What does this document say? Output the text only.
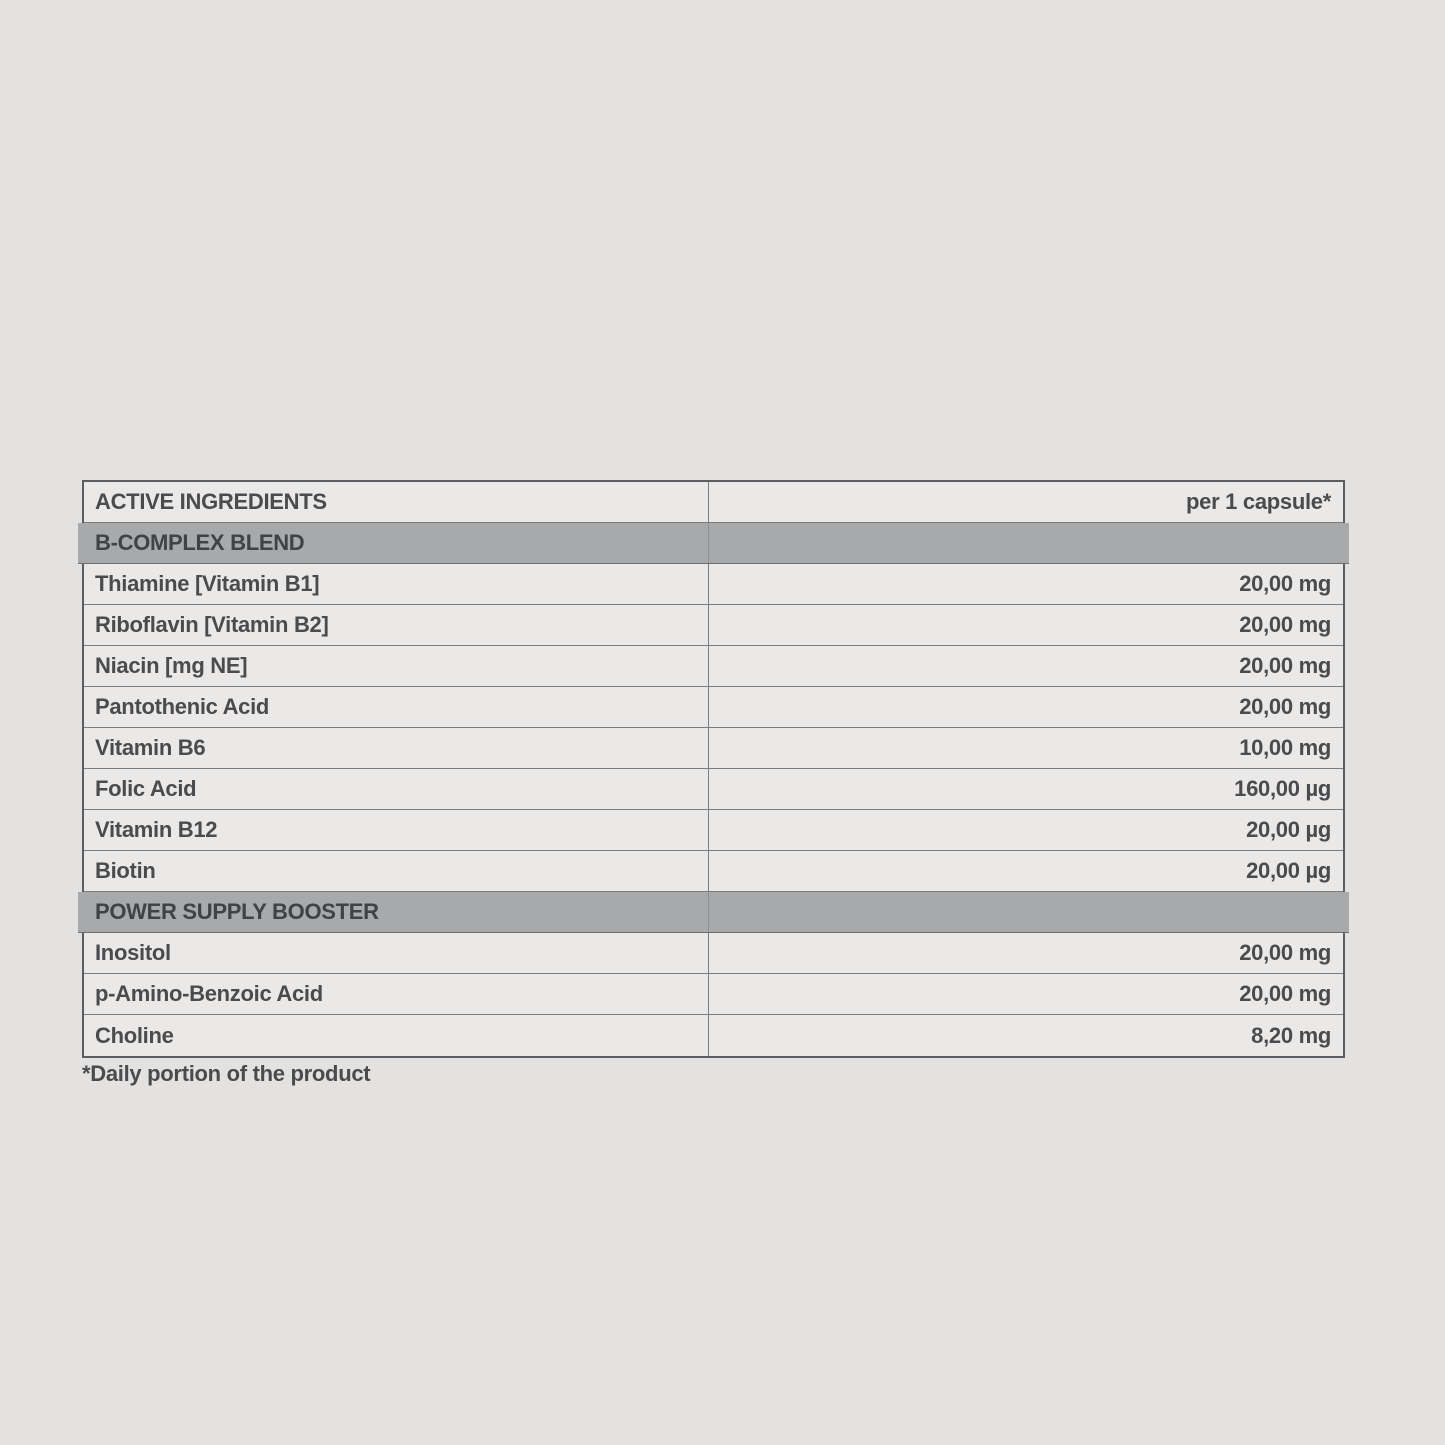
ACTIVE INGREDIENTS	per 1 capsule*
B-COMPLEX BLEND
Thiamine [Vitamin B1]	20,00 mg
Riboflavin [Vitamin B2]	20,00 mg
Niacin [mg NE]	20,00 mg
Pantothenic Acid	20,00 mg
Vitamin B6	10,00 mg
Folic Acid	160,00 µg
Vitamin B12	20,00 µg
Biotin	20,00 µg
POWER SUPPLY BOOSTER
Inositol	20,00 mg
p-Amino-Benzoic Acid	20,00 mg
Choline	8,20 mg
*Daily portion of the product
